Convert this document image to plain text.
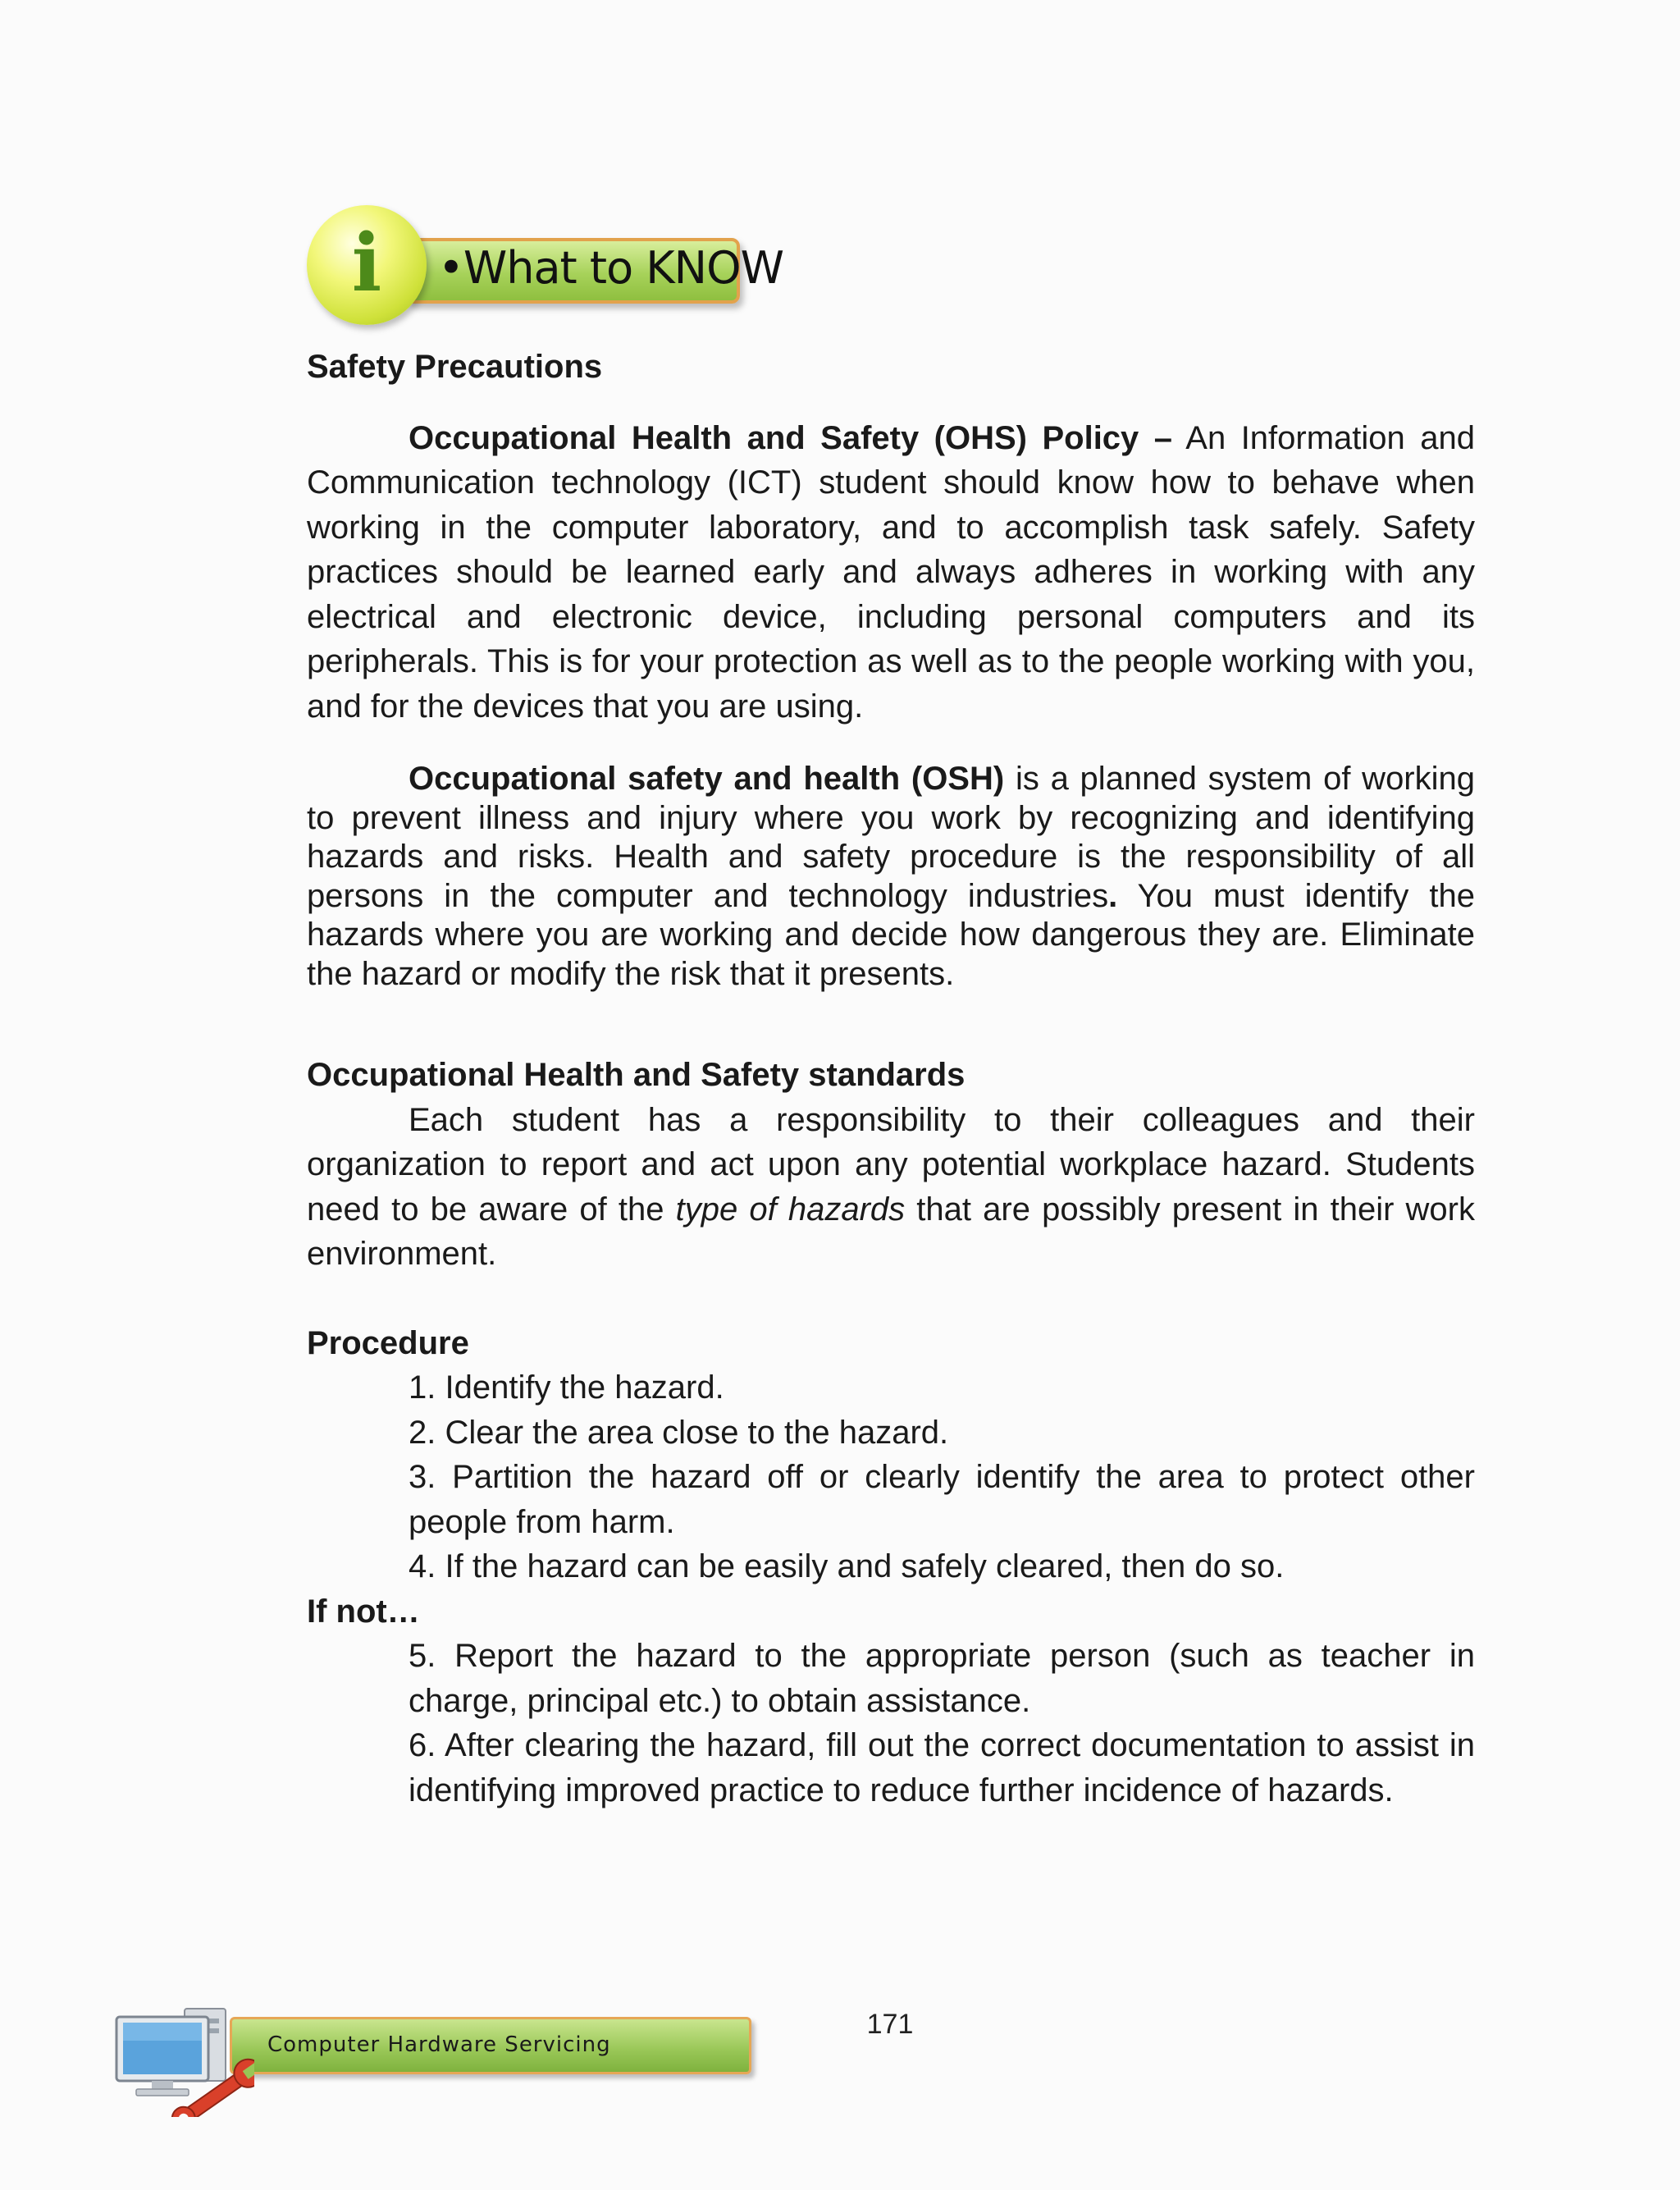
•What to KNOW
i

Safety Precautions

Occupational Health and Safety (OHS) Policy – An Information and Communication technology (ICT) student should know how to behave when working in the computer laboratory, and to accomplish task safely. Safety practices should be learned early and always adheres in working with any electrical and electronic device, including personal computers and its peripherals. This is for your protection as well as to the people working with you, and for the devices that you are using.

Occupational safety and health (OSH) is a planned system of working to prevent illness and injury where you work by recognizing and identifying hazards and risks. Health and safety procedure is the responsibility of all persons in the computer and technology industries. You must identify the hazards where you are working and decide how dangerous they are. Eliminate the hazard or modify the risk that it presents.

Occupational Health and Safety standards

Each student has a responsibility to their colleagues and their organization to report and act upon any potential workplace hazard. Students need to be aware of the type of hazards that are possibly present in their work environment.

Procedure

1. Identify the hazard.

2. Clear the area close to the hazard.

3. Partition the hazard off or clearly identify the area to protect other people from harm.

4. If the hazard can be easily and safely cleared, then do so.

If not…

5. Report the hazard to the appropriate person (such as teacher in charge, principal etc.) to obtain assistance.

6. After clearing the hazard, fill out the correct documentation to assist in identifying improved practice to reduce further incidence of hazards.

Computer Hardware Servicing
171
